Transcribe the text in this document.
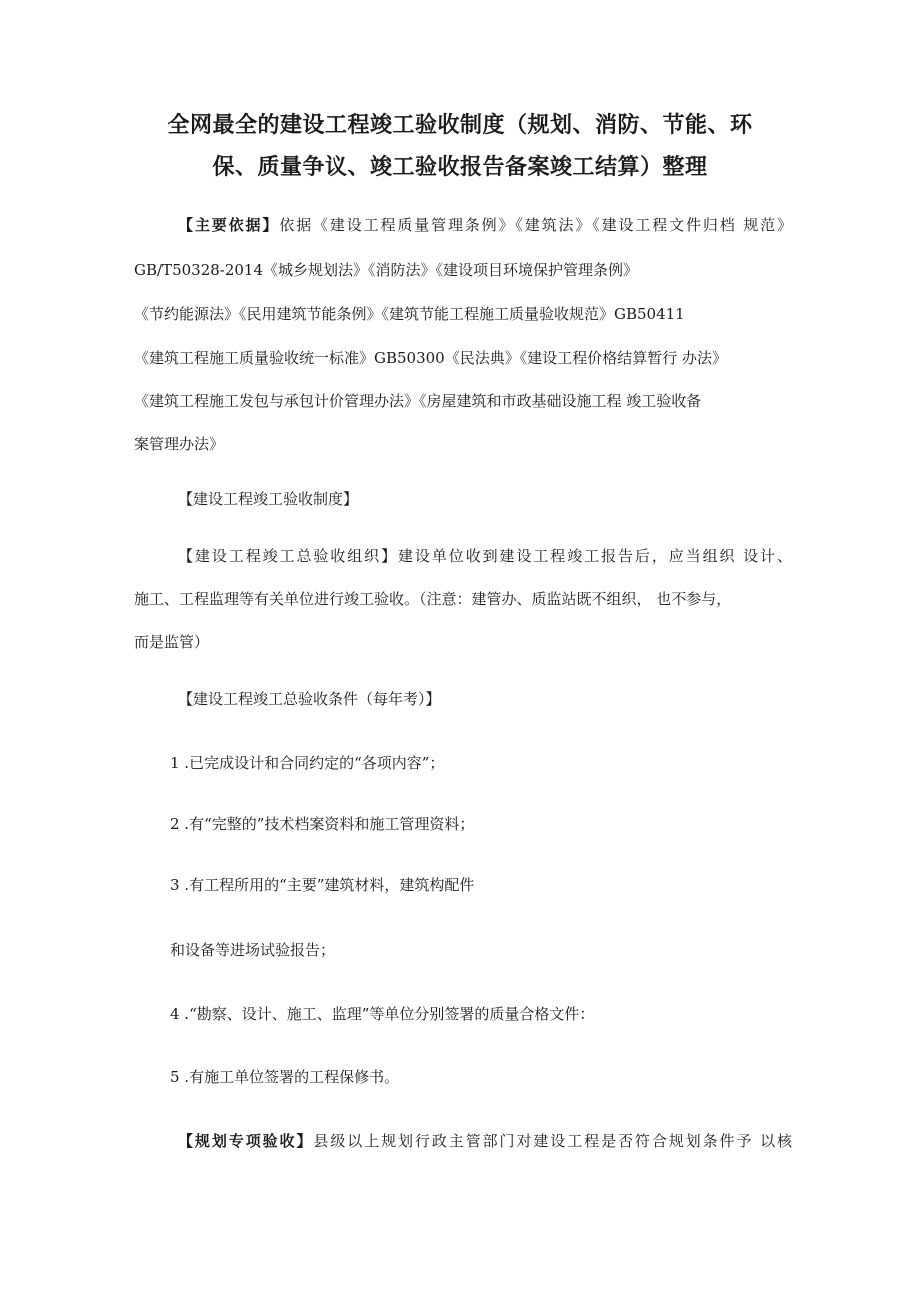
全网最全的建设工程竣工验收制度（规划、消防、节能、环
保、质量争议、竣工验收报告备案竣工结算）整理

【主要依据】依据《建设工程质量管理条例》《建筑法》《建设工程文件归档 规范》

GB/T50328-2014《城乡规划法》《消防法》《建设项目环境保护管理条例》

《节约能源法》《民用建筑节能条例》《建筑节能工程施工质量验收规范》GB50411

《建筑工程施工质量验收统一标准》GB50300《民法典》《建设工程价格结算暂行 办法》

《建筑工程施工发包与承包计价管理办法》《房屋建筑和市政基础设施工程 竣工验收备

案管理办法》

【建设工程竣工验收制度】

【建设工程竣工总验收组织】建设单位收到建设工程竣工报告后，应当组织 设计、

施工、工程监理等有关单位进行竣工验收。（注意：建管办、质监站既不组织， 也不参与，

而是监管）

【建设工程竣工总验收条件（每年考）】

1 .已完成设计和合同约定的“各项内容”；

2 .有“完整的”技术档案资料和施工管理资料；

3 .有工程所用的“主要”建筑材料，建筑构配件

和设备等进场试验报告；

4 .“勘察、设计、施工、监理”等单位分别签署的质量合格文件：

5 .有施工单位签署的工程保修书。

【规划专项验收】县级以上规划行政主管部门对建设工程是否符合规划条件予 以核
